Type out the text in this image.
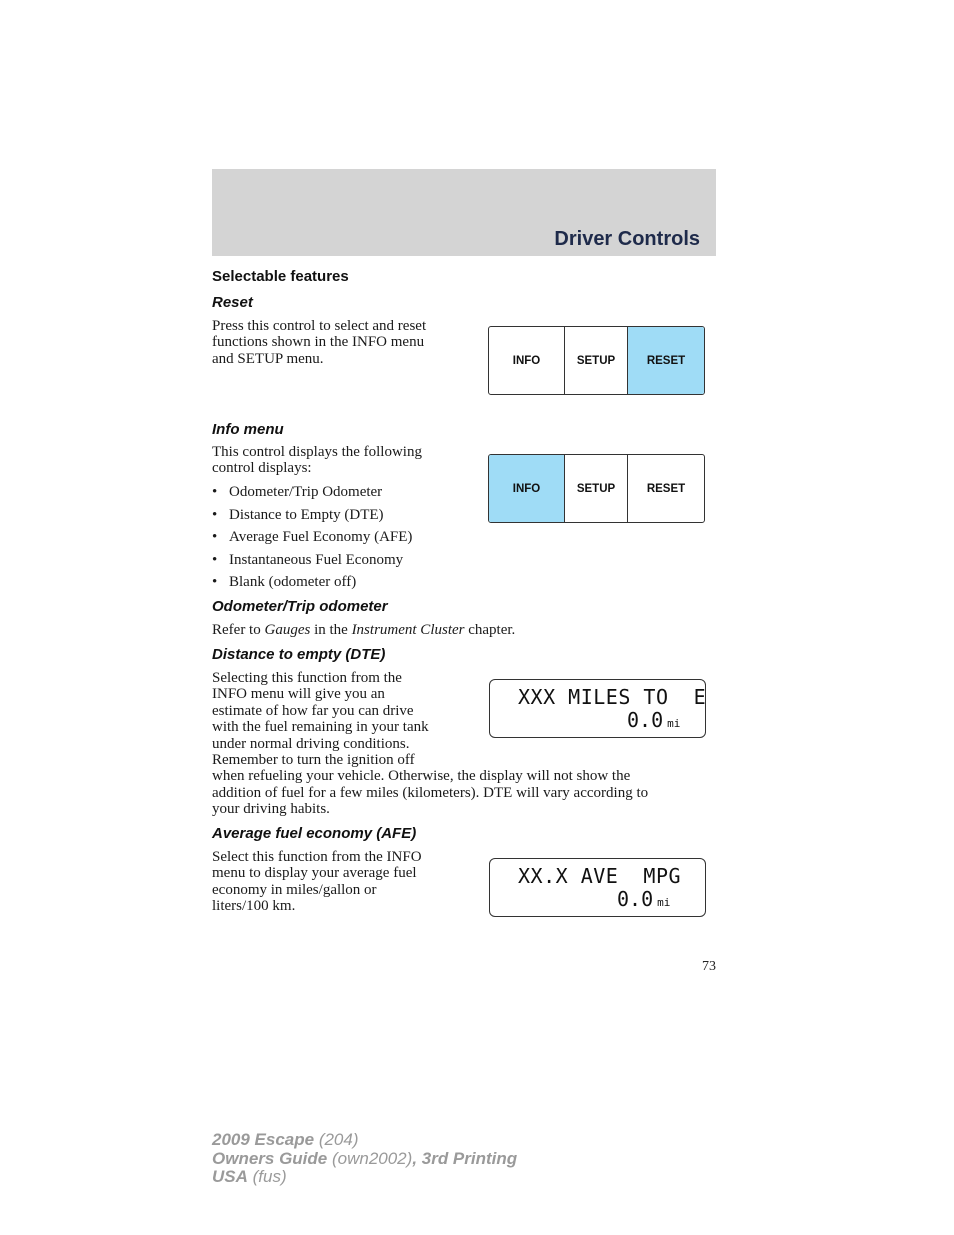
Driver Controls
Selectable features
Reset
Press this control to select and reset
functions shown in the INFO menu
and SETUP menu.	INFO	SETUP	RESET
Info menu
This control displays the following
control displays:
• Odometer/Trip Odometer
• Distance to Empty (DTE)
• Average Fuel Economy (AFE)
• Instantaneous Fuel Economy
• Blank (odometer off)
INFO	SETUP	RESET
Odometer/Trip odometer
Refer to Gauges in the Instrument Cluster chapter.
Distance to empty (DTE)
Selecting this function from the
INFO menu will give you an
estimate of how far you can drive
with the fuel remaining in your tank
under normal driving conditions.
Remember to turn the ignition off
when refueling your vehicle. Otherwise, the display will not show the
addition of fuel for a few miles (kilometers). DTE will vary according to
your driving habits.
XXX MILES TO  E
0.0 mi
Average fuel economy (AFE)
Select this function from the INFO
menu to display your average fuel
economy in miles/gallon or
liters/100 km.
XX.X AVE  MPG
0.0 mi
73
2009 Escape (204)
Owners Guide (own2002), 3rd Printing
USA (fus)
